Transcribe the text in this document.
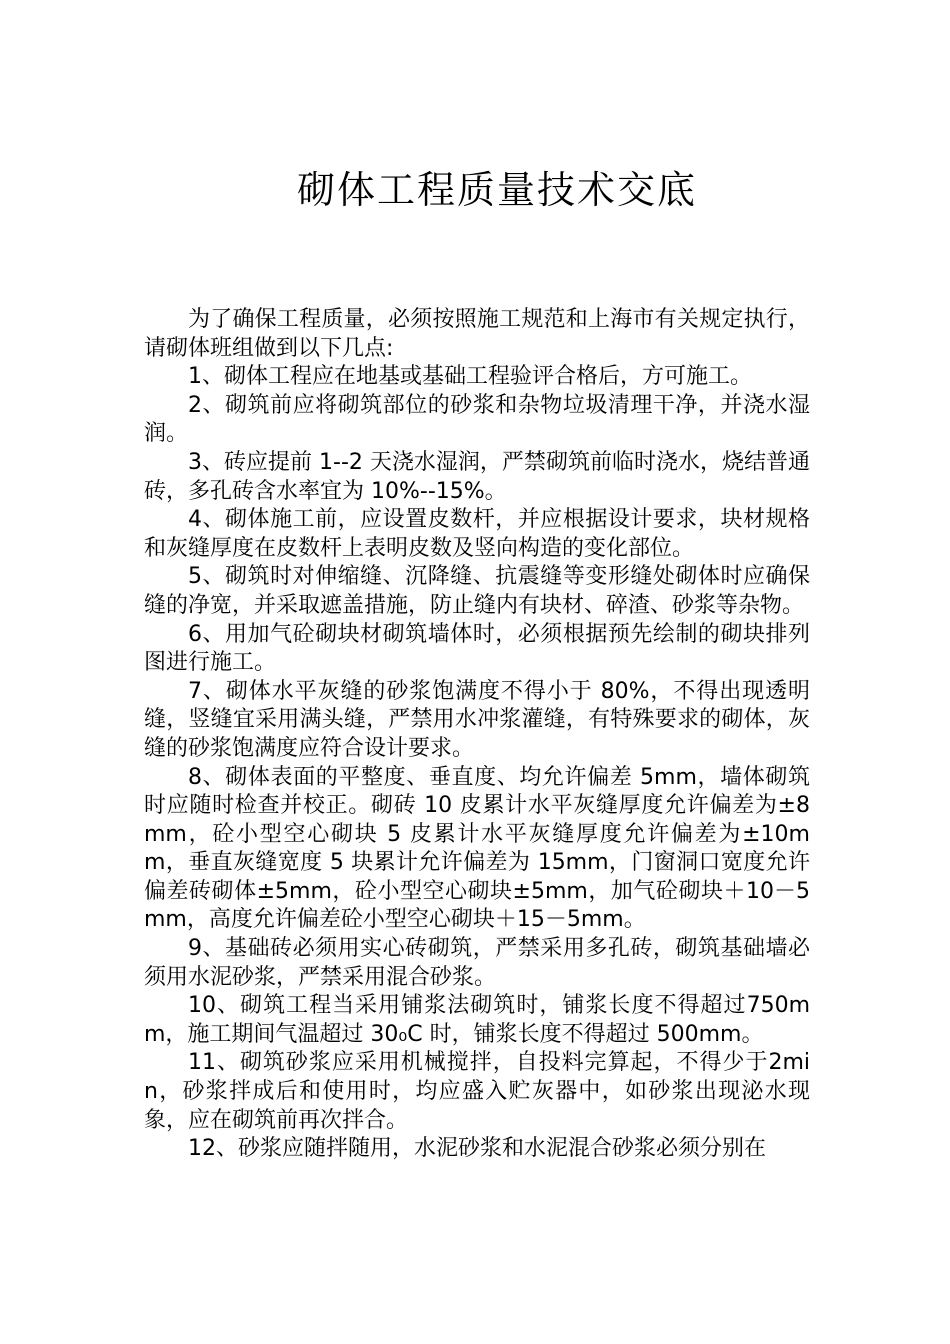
砌体工程质量技术交底

为了确保工程质量，必须按照施工规范和上海市有关规定执行，请砌体班组做到以下几点:

1、砌体工程应在地基或基础工程验评合格后，方可施工。

2、砌筑前应将砌筑部位的砂浆和杂物垃圾清理干净，并浇水湿润。

3、砖应提前 1--2 天浇水湿润，严禁砌筑前临时浇水，烧结普通砖，多孔砖含水率宜为 10%--15%。

4、砌体施工前，应设置皮数杆，并应根据设计要求，块材规格和灰缝厚度在皮数杆上表明皮数及竖向构造的变化部位。

5、砌筑时对伸缩缝、沉降缝、抗震缝等变形缝处砌体时应确保缝的净宽，并采取遮盖措施，防止缝内有块材、碎渣、砂浆等杂物。

6、用加气砼砌块材砌筑墙体时，必须根据预先绘制的砌块排列图进行施工。

7、砌体水平灰缝的砂浆饱满度不得小于 80%，不得出现透明缝，竖缝宜采用满头缝，严禁用水冲浆灌缝，有特殊要求的砌体，灰缝的砂浆饱满度应符合设计要求。

8、砌体表面的平整度、垂直度、均允许偏差 5mm，墙体砌筑时应随时检查并校正。砌砖 10 皮累计水平灰缝厚度允许偏差为±8mm，砼小型空心砌块 5 皮累计水平灰缝厚度允许偏差为±10mm，垂直灰缝宽度 5 块累计允许偏差为 15mm，门窗洞口宽度允许偏差砖砌体±5mm，砼小型空心砌块±5mm，加气砼砌块＋10－5mm，高度允许偏差砼小型空心砌块＋15－5mm。

9、基础砖必须用实心砖砌筑，严禁采用多孔砖，砌筑基础墙必须用水泥砂浆，严禁采用混合砂浆。

10、砌筑工程当采用铺浆法砌筑时，铺浆长度不得超过750mm，施工期间气温超过 30₀C 时，铺浆长度不得超过 500mm。

11、砌筑砂浆应采用机械搅拌，自投料完算起，不得少于2min，砂浆拌成后和使用时，均应盛入贮灰器中，如砂浆出现泌水现象，应在砌筑前再次拌合。

12、砂浆应随拌随用，水泥砂浆和水泥混合砂浆必须分别在
